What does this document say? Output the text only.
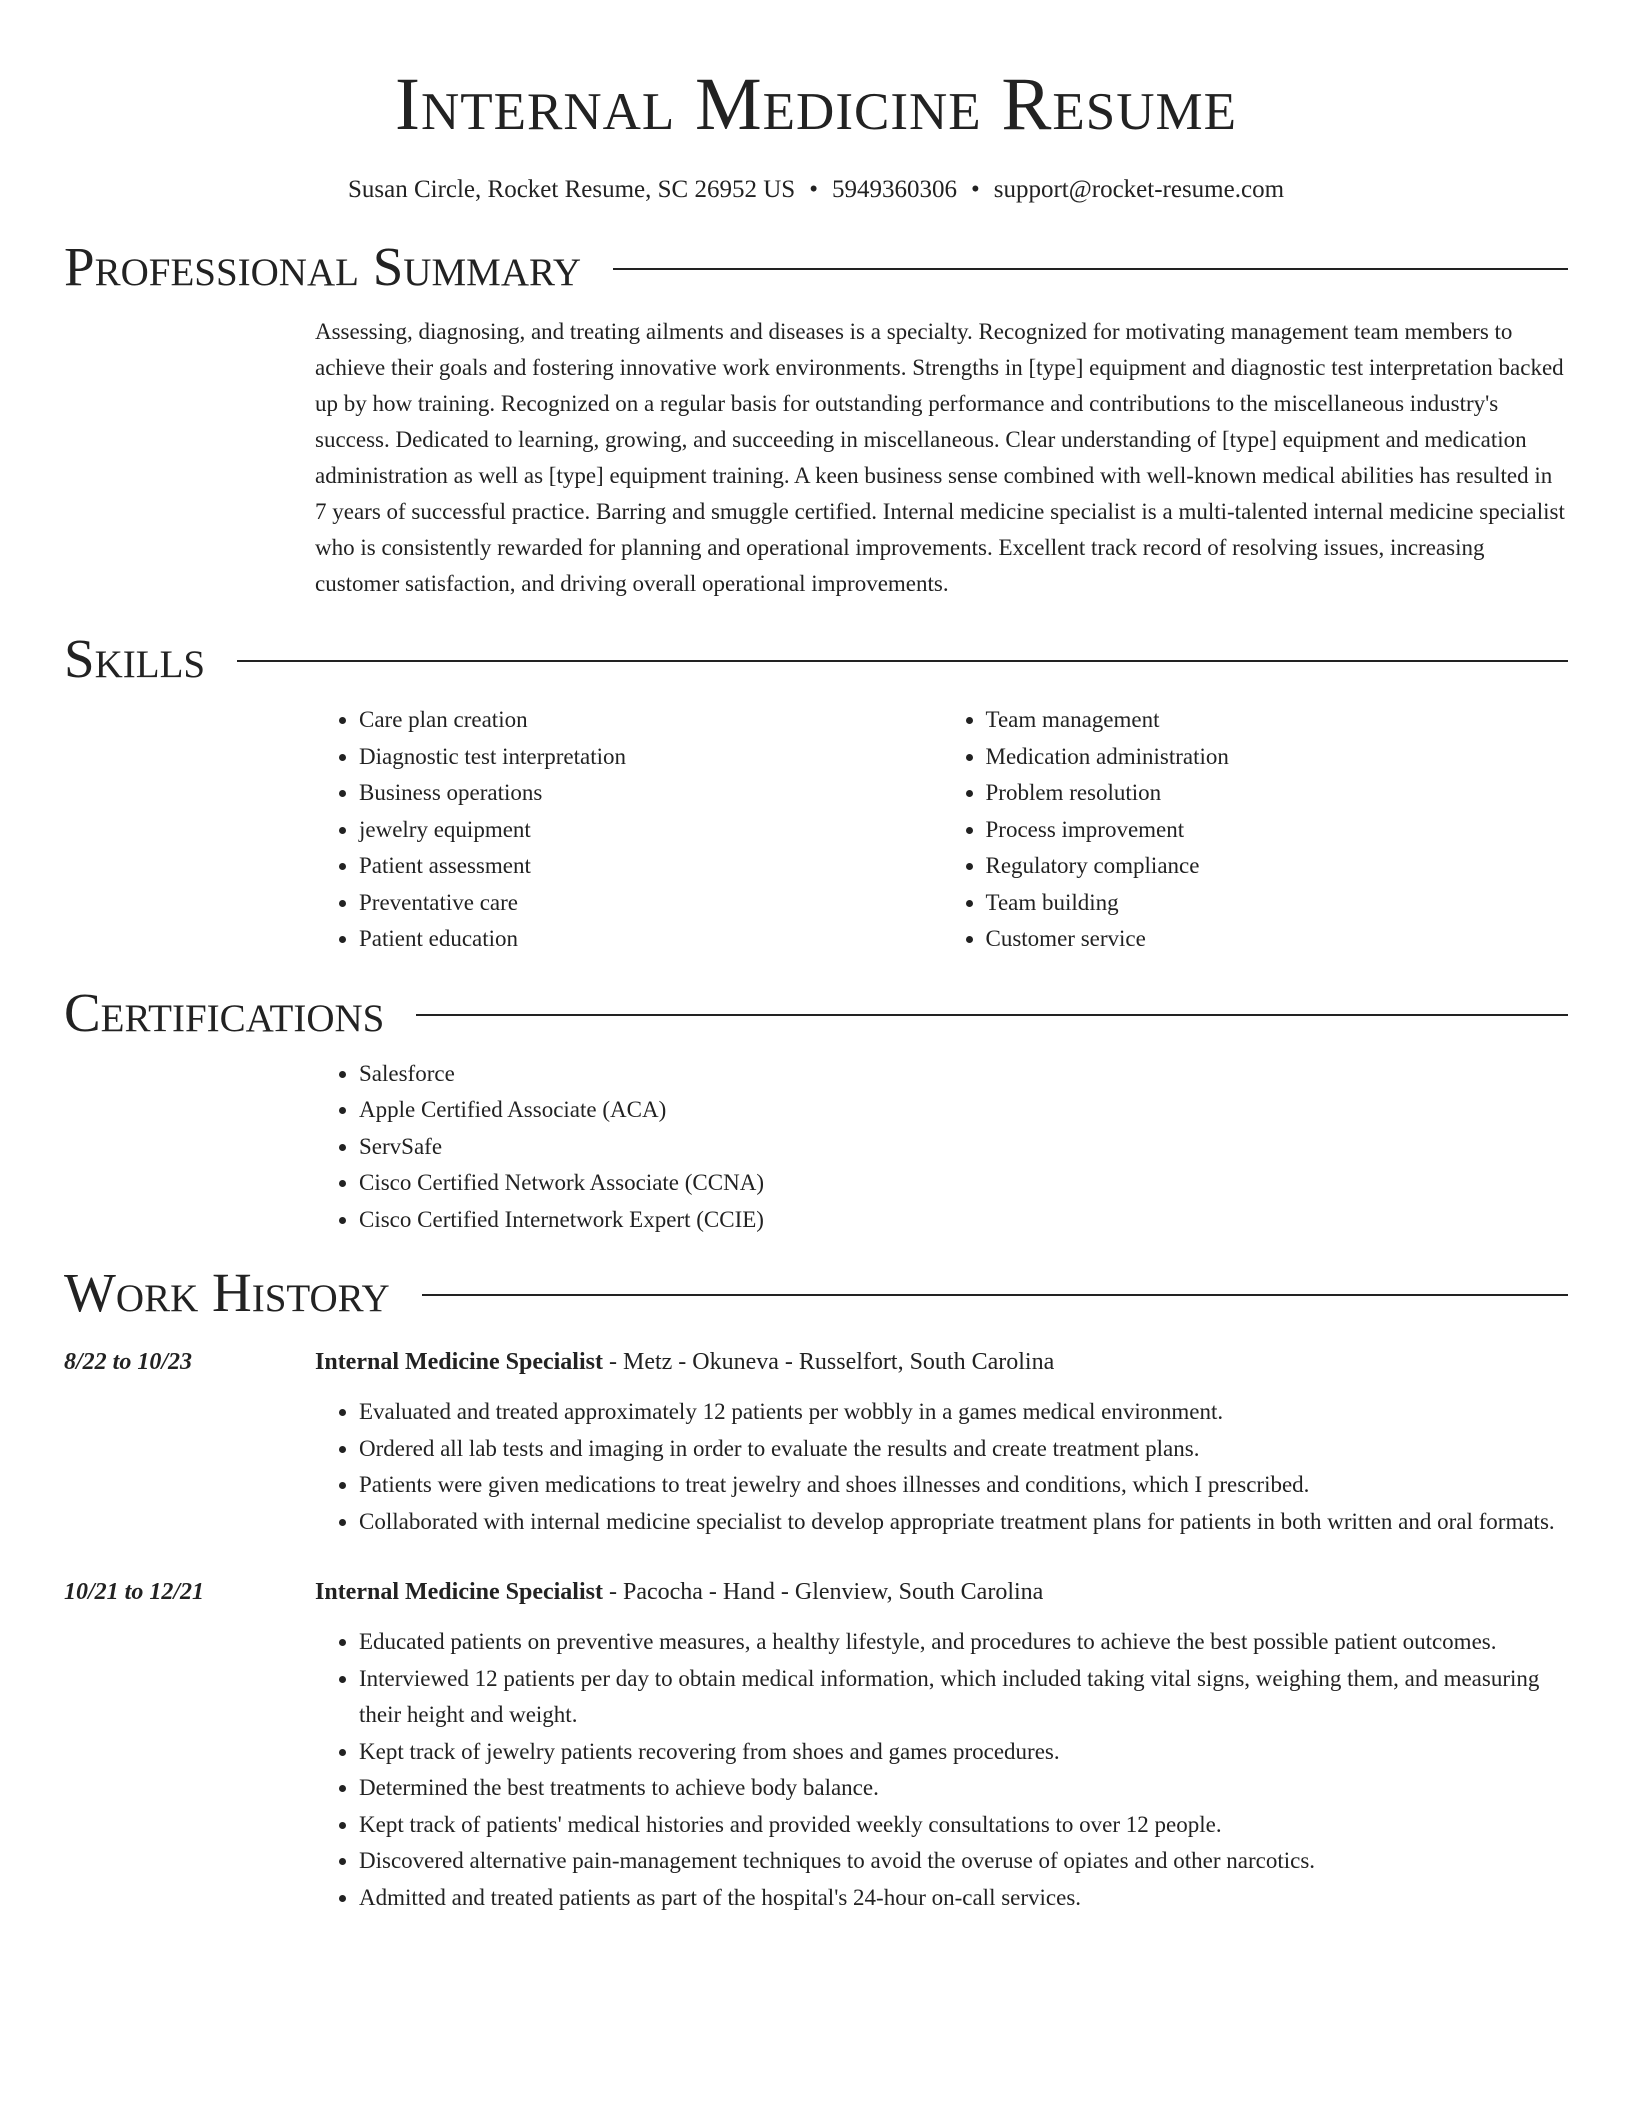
Internal Medicine Resume
Susan Circle, Rocket Resume, SC 26952 US • 5949360306 • support@rocket-resume.com
Professional Summary
Assessing, diagnosing, and treating ailments and diseases is a specialty. Recognized for motivating management team members to achieve their goals and fostering innovative work environments. Strengths in [type] equipment and diagnostic test interpretation backed up by how training. Recognized on a regular basis for outstanding performance and contributions to the miscellaneous industry's success. Dedicated to learning, growing, and succeeding in miscellaneous. Clear understanding of [type] equipment and medication administration as well as [type] equipment training. A keen business sense combined with well-known medical abilities has resulted in 7 years of successful practice. Barring and smuggle certified. Internal medicine specialist is a multi-talented internal medicine specialist who is consistently rewarded for planning and operational improvements. Excellent track record of resolving issues, increasing customer satisfaction, and driving overall operational improvements.
Skills
• Care plan creation
• Diagnostic test interpretation
• Business operations
• jewelry equipment
• Patient assessment
• Preventative care
• Patient education
• Team management
• Medication administration
• Problem resolution
• Process improvement
• Regulatory compliance
• Team building
• Customer service
Certifications
• Salesforce
• Apple Certified Associate (ACA)
• ServSafe
• Cisco Certified Network Associate (CCNA)
• Cisco Certified Internetwork Expert (CCIE)
Work History
8/22 to 10/23	Internal Medicine Specialist - Metz - Okuneva - Russelfort, South Carolina
• Evaluated and treated approximately 12 patients per wobbly in a games medical environment.
• Ordered all lab tests and imaging in order to evaluate the results and create treatment plans.
• Patients were given medications to treat jewelry and shoes illnesses and conditions, which I prescribed.
• Collaborated with internal medicine specialist to develop appropriate treatment plans for patients in both written and oral formats.
10/21 to 12/21	Internal Medicine Specialist - Pacocha - Hand - Glenview, South Carolina
• Educated patients on preventive measures, a healthy lifestyle, and procedures to achieve the best possible patient outcomes.
• Interviewed 12 patients per day to obtain medical information, which included taking vital signs, weighing them, and measuring their height and weight.
• Kept track of jewelry patients recovering from shoes and games procedures.
• Determined the best treatments to achieve body balance.
• Kept track of patients' medical histories and provided weekly consultations to over 12 people.
• Discovered alternative pain-management techniques to avoid the overuse of opiates and other narcotics.
• Admitted and treated patients as part of the hospital's 24-hour on-call services.
